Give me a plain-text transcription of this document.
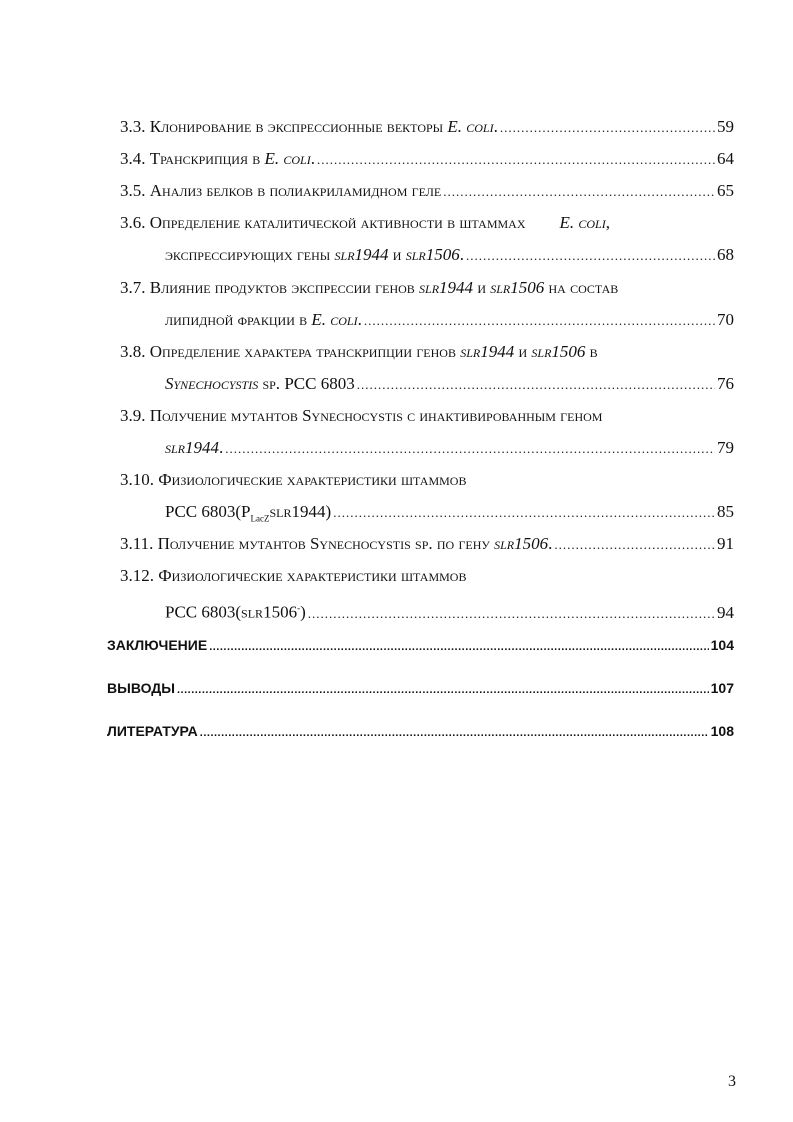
3.3.
Клонирование в экспрессионные векторы E. coli. .....	59
3.4.
Транскрипция в E. coli. .....	64
3.5.
Анализ белков в полиакриламидном геле .....	65
3.6.
Определение каталитической активности в штаммах  E. coli,
экспрессирующих гены slr1944 и slr1506. .....	68
3.7.
Влияние продуктов экспрессии генов slr1944 и slr1506 на состав
липидной фракции в E. coli. .....	70
3.8.
Определение характера транскрипции генов slr1944 и slr1506 в
Synechocystis sp. PCC 6803 .....	76
3.9.
Получение мутантов Synechocystis с инактивированным геном
slr1944. .....	79
3.10.
Физиологические характеристики штаммов
PCC $6803(P_{LacZ}slr1944)$ .....	85
3.11.
Получение мутантов Synechocystis sp. по гену slr1506. .....	91
3.12.
Физиологические характеристики штаммов
PCC 6803(slr1506-) .....	94
ЗАКЛЮЧЕНИЕ .....	104
ВЫВОДЫ .....	107
ЛИТЕРАТУРА .....	108
3
